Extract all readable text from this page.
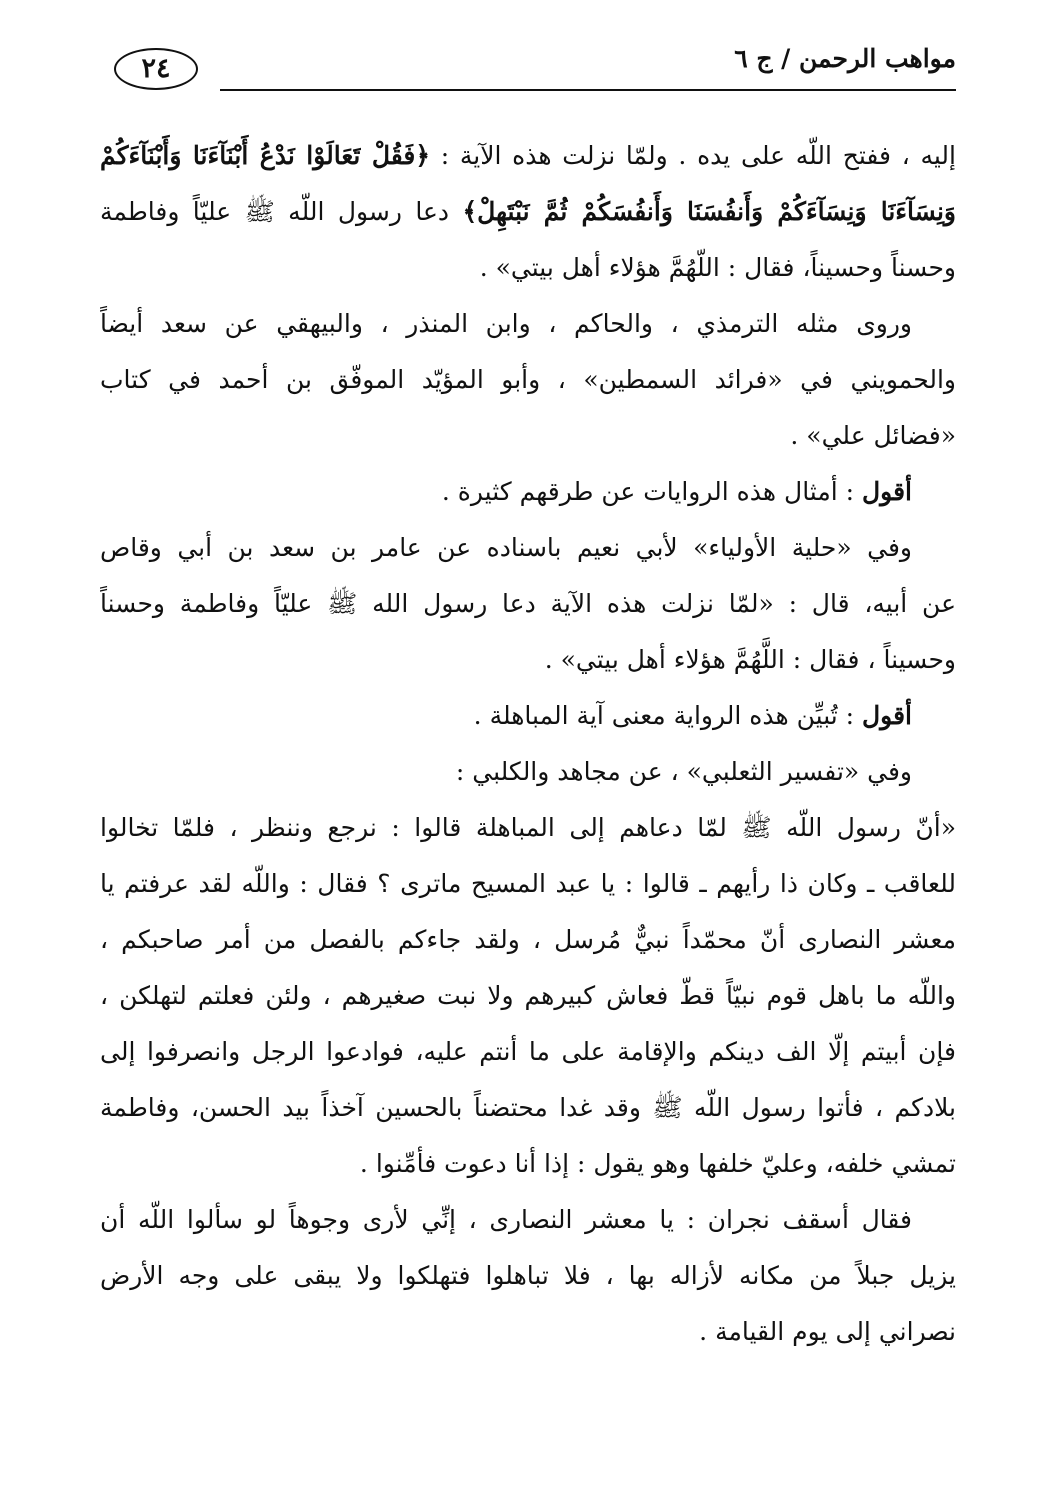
مواهب الرحمن / ج ٦
٢٤
إليه ، ففتح اللّه على يده . ولمّا نزلت هذه الآية : ﴿فَقُلْ تَعَالَوْا نَدْعُ أَبْنَآءَنَا وَأَبْنَآءَكُمْ
وَنِسَآءَنَا وَنِسَآءَكُمْ وَأَنفُسَنَا وَأَنفُسَكُمْ ثُمَّ نَبْتَهِلْ﴾ دعا رسول اللّه ﷺ عليّاً وفاطمة
وحسناً وحسيناً، فقال : اللّهُمَّ هؤلاء أهل بيتي» .
وروى مثله الترمذي ، والحاكم ، وابن المنذر ، والبيهقي عن سعد أيضاً
والحمويني في «فرائد السمطين» ، وأبو المؤيّد الموفّق بن أحمد في كتاب
«فضائل علي» .
أقول : أمثال هذه الروايات عن طرقهم كثيرة .
وفي «حلية الأولياء» لأبي نعيم باسناده عن عامر بن سعد بن أبي وقاص
عن أبيه، قال : «لمّا نزلت هذه الآية دعا رسول الله ﷺ عليّاً وفاطمة وحسناً
وحسيناً ، فقال : اللَّهُمَّ هؤلاء أهل بيتي» .
أقول : تُبيِّن هذه الرواية معنى آية المباهلة .
وفي «تفسير الثعلبي» ، عن مجاهد والكلبي :
«أنّ رسول اللّه ﷺ لمّا دعاهم إلى المباهلة قالوا : نرجع وننظر ، فلمّا تخالوا
للعاقب ـ وكان ذا رأيهم ـ قالوا : يا عبد المسيح ماترى ؟ فقال : واللّه لقد عرفتم يا
معشر النصارى أنّ محمّداً نبيٌّ مُرسل ، ولقد جاءكم بالفصل من أمر صاحبكم ،
واللّه ما باهل قوم نبيّاً قطّ فعاش كبيرهم ولا نبت صغيرهم ، ولئن فعلتم لتهلكن ،
فإن أبيتم إلّا الف دينكم والإقامة على ما أنتم عليه، فوادعوا الرجل وانصرفوا إلى
بلادكم ، فأتوا رسول اللّه ﷺ وقد غدا محتضناً بالحسين آخذاً بيد الحسن، وفاطمة
تمشي خلفه، وعليّ خلفها وهو يقول : إذا أنا دعوت فأمِّنوا .
فقال أسقف نجران : يا معشر النصارى ، إنِّي لأرى وجوهاً لو سألوا اللّه أن
يزيل جبلاً من مكانه لأزاله بها ، فلا تباهلوا فتهلكوا ولا يبقى على وجه الأرض
نصراني إلى يوم القيامة .
